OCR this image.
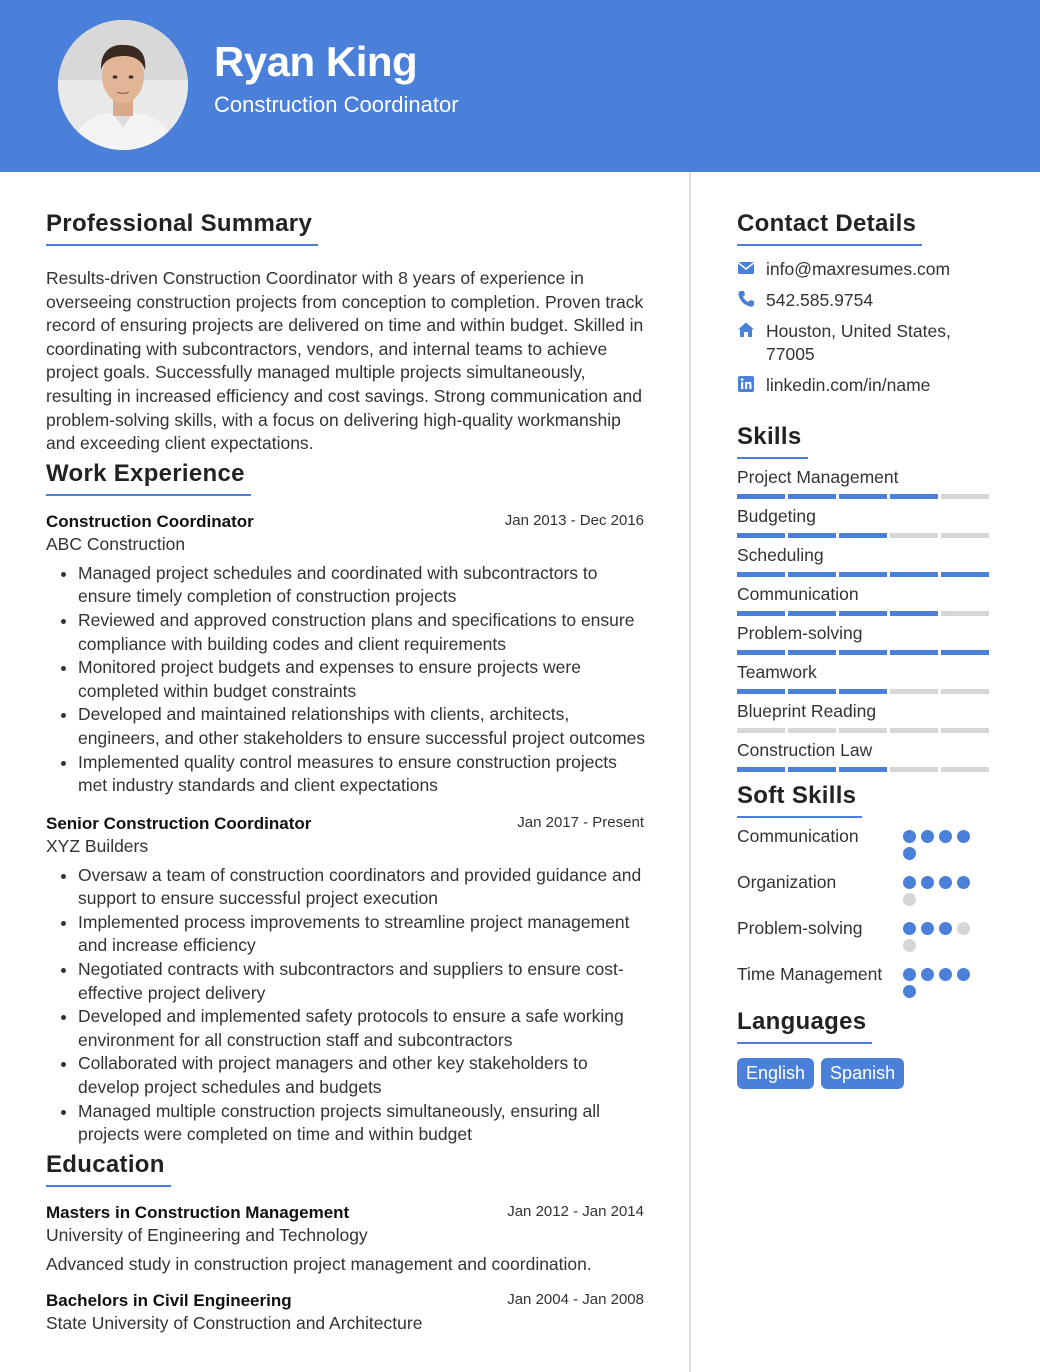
Ryan King
Construction Coordinator
Professional Summary
Results-driven Construction Coordinator with 8 years of experience in overseeing construction projects from conception to completion. Proven track record of ensuring projects are delivered on time and within budget. Skilled in coordinating with subcontractors, vendors, and internal teams to achieve project goals. Successfully managed multiple projects simultaneously, resulting in increased efficiency and cost savings. Strong communication and problem-solving skills, with a focus on delivering high-quality workmanship and exceeding client expectations.
Work Experience
Construction Coordinator	Jan 2013 - Dec 2016
ABC Construction
• Managed project schedules and coordinated with subcontractors to ensure timely completion of construction projects
• Reviewed and approved construction plans and specifications to ensure compliance with building codes and client requirements
• Monitored project budgets and expenses to ensure projects were completed within budget constraints
• Developed and maintained relationships with clients, architects, engineers, and other stakeholders to ensure successful project outcomes
• Implemented quality control measures to ensure construction projects met industry standards and client expectations
Senior Construction Coordinator	Jan 2017 - Present
XYZ Builders
• Oversaw a team of construction coordinators and provided guidance and support to ensure successful project execution
• Implemented process improvements to streamline project management and increase efficiency
• Negotiated contracts with subcontractors and suppliers to ensure cost-effective project delivery
• Developed and implemented safety protocols to ensure a safe working environment for all construction staff and subcontractors
• Collaborated with project managers and other key stakeholders to develop project schedules and budgets
• Managed multiple construction projects simultaneously, ensuring all projects were completed on time and within budget
Education
Masters in Construction Management	Jan 2012 - Jan 2014
University of Engineering and Technology
Advanced study in construction project management and coordination.
Bachelors in Civil Engineering	Jan 2004 - Jan 2008
State University of Construction and Architecture
Contact Details
info@maxresumes.com
542.585.9754
Houston, United States, 77005
linkedin.com/in/name
Skills
Project Management
Budgeting
Scheduling
Communication
Problem-solving
Teamwork
Blueprint Reading
Construction Law
Soft Skills
Communication
Organization
Problem-solving
Time Management
Languages
English	Spanish
